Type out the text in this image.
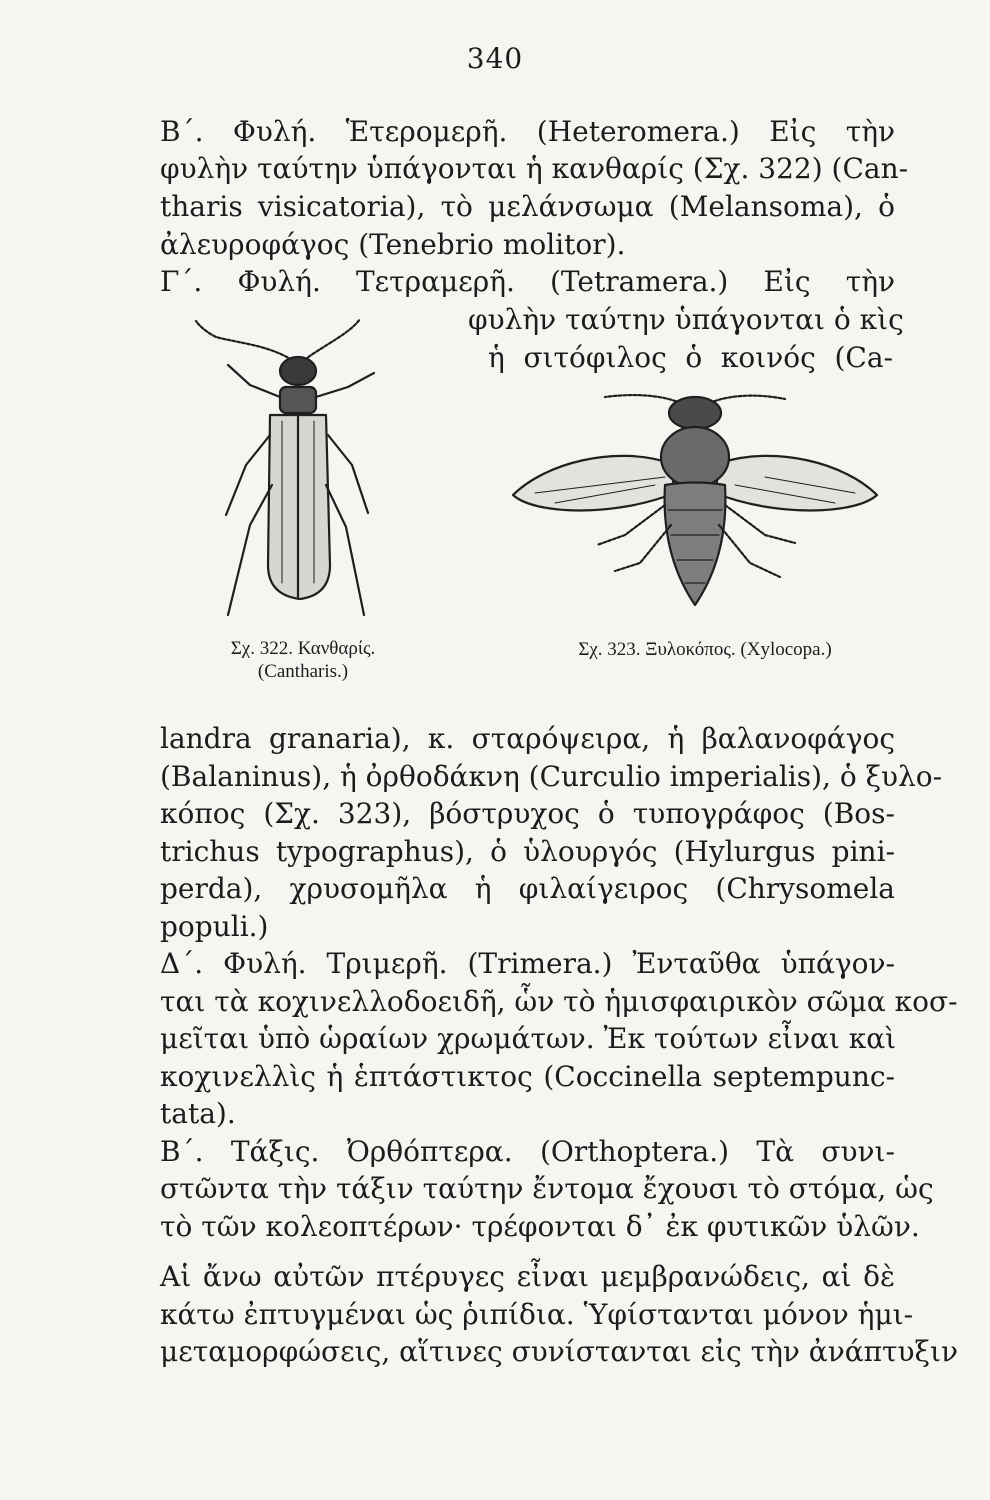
340
Β΄. Φυλή. Ἑτερομερῆ. (Heteromera.) Εἰς τὴν
φυλὴν ταύτην ὑπάγονται ἡ κανθαρίς (Σχ. 322) (Can-
tharis visicatoria), τὸ μελάνσωμα (Melansoma), ὁ
ἀλευροφάγος (Tenebrio molitor).
Γ΄. Φυλή. Τετραμερῆ. (Tetramera.) Εἰς τὴν
φυλὴν ταύτην ὑπάγονται ὁ κὶς
ἡ σιτόφιλος ὁ κοινός (Ca-
Σχ. 322. Κανθαρίς.
(Cantharis.)
Σχ. 323. Ξυλοκόπος. (Xylocopa.)
landra granaria), κ. σταρόψειρα, ἡ βαλανοφάγος
(Balaninus), ἡ ὀρθοδάκνη (Curculio imperialis), ὁ ξυλο-
κόπος (Σχ. 323), βόστρυχος ὁ τυπογράφος (Bos-
trichus typographus), ὁ ὑλουργός (Hylurgus pini-
perda), χρυσομῆλα ἡ φιλαίγειρος (Chrysomela
populi.)
Δ΄. Φυλή. Τριμερῆ. (Trimera.) Ἐνταῦθα ὑπάγον-
ται τὰ κοχινελλοδοειδῆ, ὧν τὸ ἡμισφαιρικὸν σῶμα κοσ-
μεῖται ὑπὸ ὡραίων χρωμάτων. Ἐκ τούτων εἶναι καὶ
κοχινελλὶς ἡ ἑπτάστικτος (Coccinella septempunc-
tata).
Β΄. Τάξις. Ὀρθόπτερα. (Orthoptera.) Τὰ συνι-
στῶντα τὴν τάξιν ταύτην ἔντομα ἔχουσι τὸ στόμα, ὡς
τὸ τῶν κολεοπτέρων· τρέφονται δ᾽ ἐκ φυτικῶν ὑλῶν.
Αἱ ἄνω αὐτῶν πτέρυγες εἶναι μεμβρανώδεις, αἱ δὲ
κάτω ἐπτυγμέναι ὡς ῥιπίδια. Ὑφίστανται μόνον ἡμι-
μεταμορφώσεις, αἵτινες συνίστανται εἰς τὴν ἀνάπτυξιν
